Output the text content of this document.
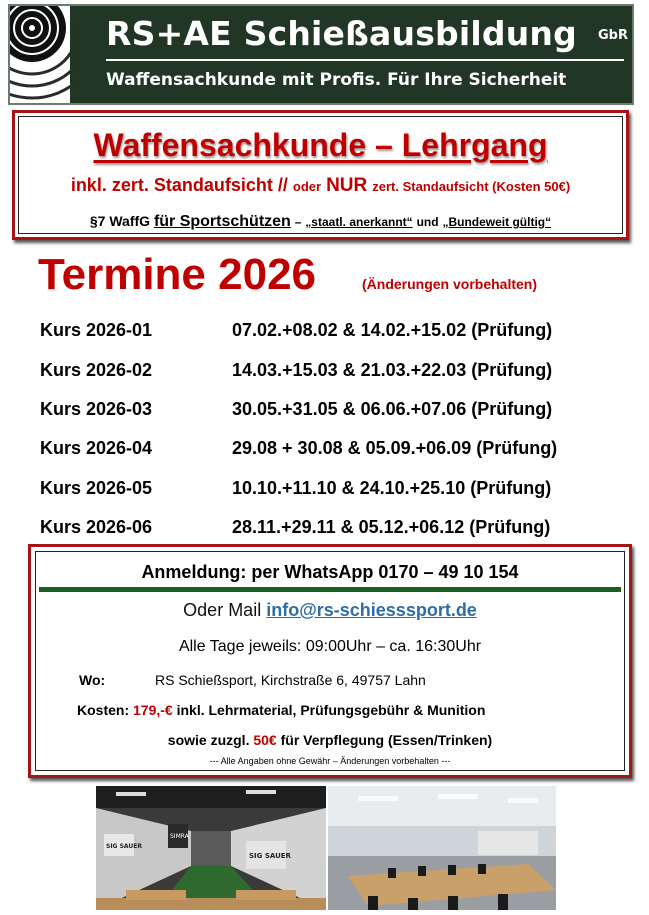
RS+AE Schießausbildung GbR
Waffensachkunde mit Profis. Für Ihre Sicherheit
Waffensachkunde – Lehrgang
inkl. zert. Standaufsicht // oder NUR zert. Standaufsicht (Kosten 50€)
§7 WaffG für Sportschützen – „staatl. anerkannt“ und „Bundeweit gültig“
Termine 2026	(Änderungen vorbehalten)
Kurs 2026-01	07.02.+08.02 & 14.02.+15.02 (Prüfung)
Kurs 2026-02	14.03.+15.03 & 21.03.+22.03 (Prüfung)
Kurs 2026-03	30.05.+31.05 & 06.06.+07.06 (Prüfung)
Kurs 2026-04	29.08 + 30.08 & 05.09.+06.09 (Prüfung)
Kurs 2026-05	10.10.+11.10 & 24.10.+25.10 (Prüfung)
Kurs 2026-06	28.11.+29.11 & 05.12.+06.12 (Prüfung)
Anmeldung: per WhatsApp 0170 – 49 10 154
Oder Mail info@rs-schiesssport.de
Alle Tage jeweils: 09:00Uhr – ca. 16:30Uhr
Wo:	RS Schießsport, Kirchstraße 6, 49757 Lahn
Kosten: 179,-€ inkl. Lehrmaterial, Prüfungsgebühr & Munition
sowie zuzgl. 50€ für Verpflegung (Essen/Trinken)
--- Alle Angaben ohne Gewähr – Änderungen vorbehalten ---
SIMRA
SIG SAUER
SIG SAUER
